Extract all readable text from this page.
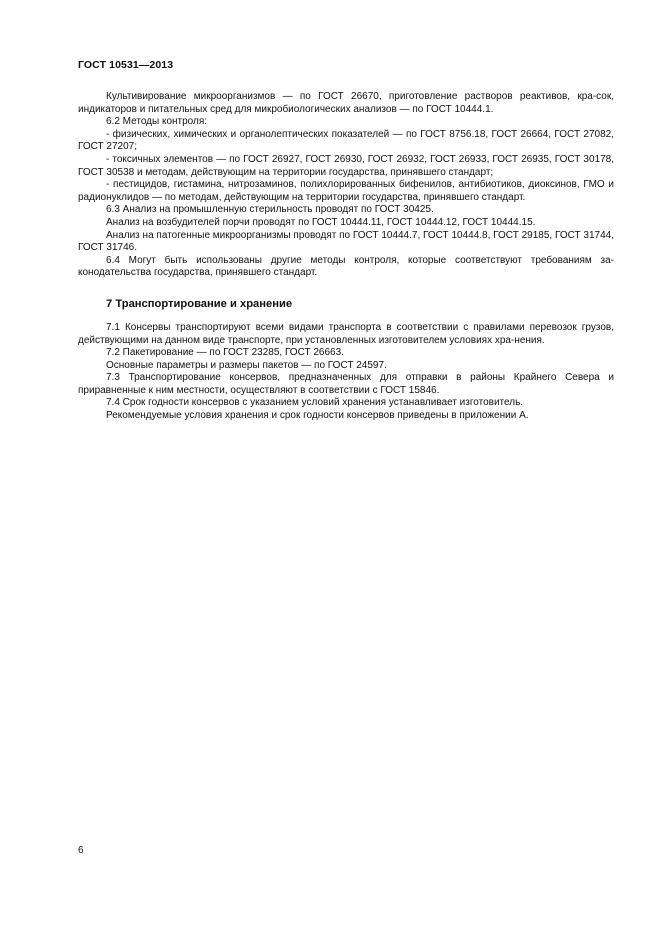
ГОСТ 10531—2013

Культивирование микроорганизмов — по ГОСТ 26670, приготовление растворов реактивов, кра-сок, индикаторов и питательных сред для микробиологических анализов — по ГОСТ 10444.1.

6.2 Методы контроля:

- физических, химических и органолептических показателей — по ГОСТ 8756.18, ГОСТ 26664, ГОСТ 27082, ГОСТ 27207;

- токсичных элементов — по ГОСТ 26927, ГОСТ 26930, ГОСТ 26932, ГОСТ 26933, ГОСТ 26935, ГОСТ 30178, ГОСТ 30538 и методам, действующим на территории государства, принявшего стандарт;

- пестицидов, гистамина, нитрозаминов, полихлорированных бифенилов, антибиотиков, диоксинов, ГМО и радионуклидов — по методам, действующим на территории государства, принявшего стандарт.

6.3 Анализ на промышленную стерильность проводят по ГОСТ 30425.

Анализ на возбудителей порчи проводят по ГОСТ 10444.11, ГОСТ 10444.12, ГОСТ 10444.15.

Анализ на патогенные микроорганизмы проводят по ГОСТ 10444.7, ГОСТ 10444.8, ГОСТ 29185, ГОСТ 31744, ГОСТ 31746.

6.4 Могут быть использованы другие методы контроля, которые соответствуют требованиям за-конодательства государства, принявшего стандарт.

7 Транспортирование и хранение

7.1 Консервы транспортируют всеми видами транспорта в соответствии с правилами перевозок грузов, действующими на данном виде транспорте, при установленных изготовителем условиях хра-нения.

7.2 Пакетирование — по ГОСТ 23285, ГОСТ 26663.

Основные параметры и размеры пакетов — по ГОСТ 24597.

7.3 Транспортирование консервов, предназначенных для отправки в районы Крайнего Севера и приравненные к ним местности, осуществляют в соответствии с ГОСТ 15846.

7.4 Срок годности консервов с указанием условий хранения устанавливает изготовитель.

Рекомендуемые условия хранения и срок годности консервов приведены в приложении А.

6
